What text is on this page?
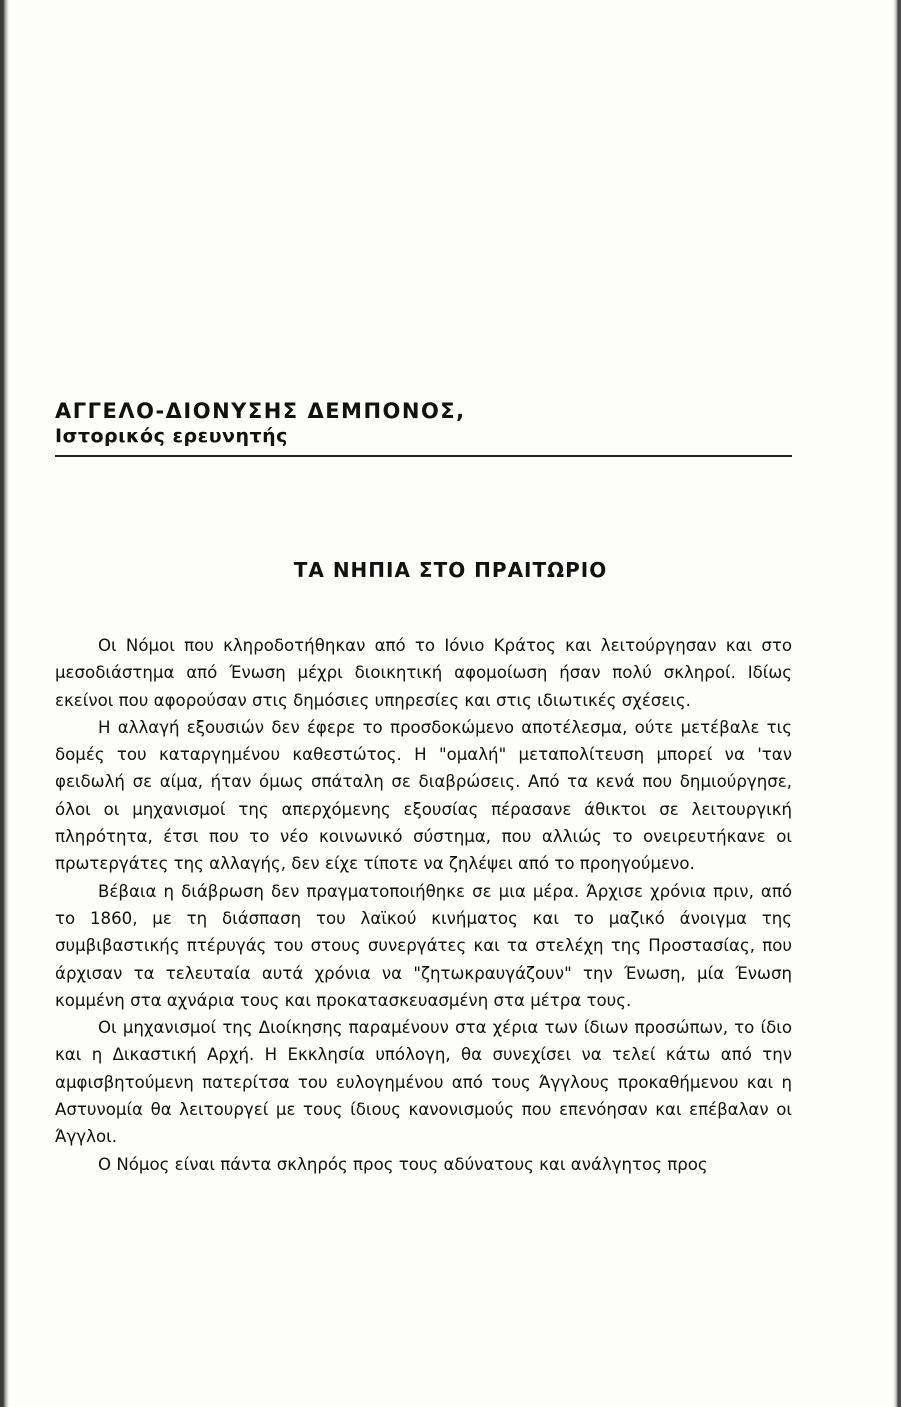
ΑΓΓΕΛΟ-ΔΙΟΝΥΣΗΣ ΔΕΜΠΟΝΟΣ,

Ιστορικός ερευνητής

ΤΑ ΝΗΠΙΑ ΣΤΟ ΠΡΑΙΤΩΡΙΟ

Οι Νόμοι που κληροδοτήθηκαν από το Ιόνιο Κράτος και λειτούργησαν και στο μεσοδιάστημα από Ένωση μέχρι διοικητική αφομοίωση ήσαν πολύ σκληροί. Ιδίως εκείνοι που αφορούσαν στις δημόσιες υπηρεσίες και στις ιδιωτικές σχέσεις.

Η αλλαγή εξουσιών δεν έφερε το προσδοκώμενο αποτέλεσμα, ούτε μετέβαλε τις δομές του καταργημένου καθεστώτος. Η "ομαλή" μεταπολίτευση μπορεί να 'ταν φειδωλή σε αίμα, ήταν όμως σπάταλη σε διαβρώσεις. Από τα κενά που δημιούργησε, όλοι οι μηχανισμοί της απερχόμενης εξουσίας πέρασανε άθικτοι σε λειτουργική πληρότητα, έτσι που το νέο κοινωνικό σύστημα, που αλλιώς το ονειρευτήκανε οι πρωτεργάτες της αλλαγής, δεν είχε τίποτε να ζηλέψει από το προηγούμενο.

Βέβαια η διάβρωση δεν πραγματοποιήθηκε σε μια μέρα. Άρχισε χρόνια πριν, από το 1860, με τη διάσπαση του λαϊκού κινήματος και το μαζικό άνοιγμα της συμβιβαστικής πτέρυγάς του στους συνεργάτες και τα στελέχη της Προστασίας, που άρχισαν τα τελευταία αυτά χρόνια να "ζητωκραυγάζουν" την Ένωση, μία Ένωση κομμένη στα αχνάρια τους και προκατασκευασμένη στα μέτρα τους.

Οι μηχανισμοί της Διοίκησης παραμένουν στα χέρια των ίδιων προσώπων, το ίδιο και η Δικαστική Αρχή. Η Εκκλησία υπόλογη, θα συνεχίσει να τελεί κάτω από την αμφισβητούμενη πατερίτσα του ευλογημένου από τους Άγγλους προκαθήμενου και η Αστυνομία θα λειτουργεί με τους ίδιους κανονισμούς που επενόησαν και επέβαλαν οι Άγγλοι.

Ο Νόμος είναι πάντα σκληρός προς τους αδύνατους και ανάλγητος προς
